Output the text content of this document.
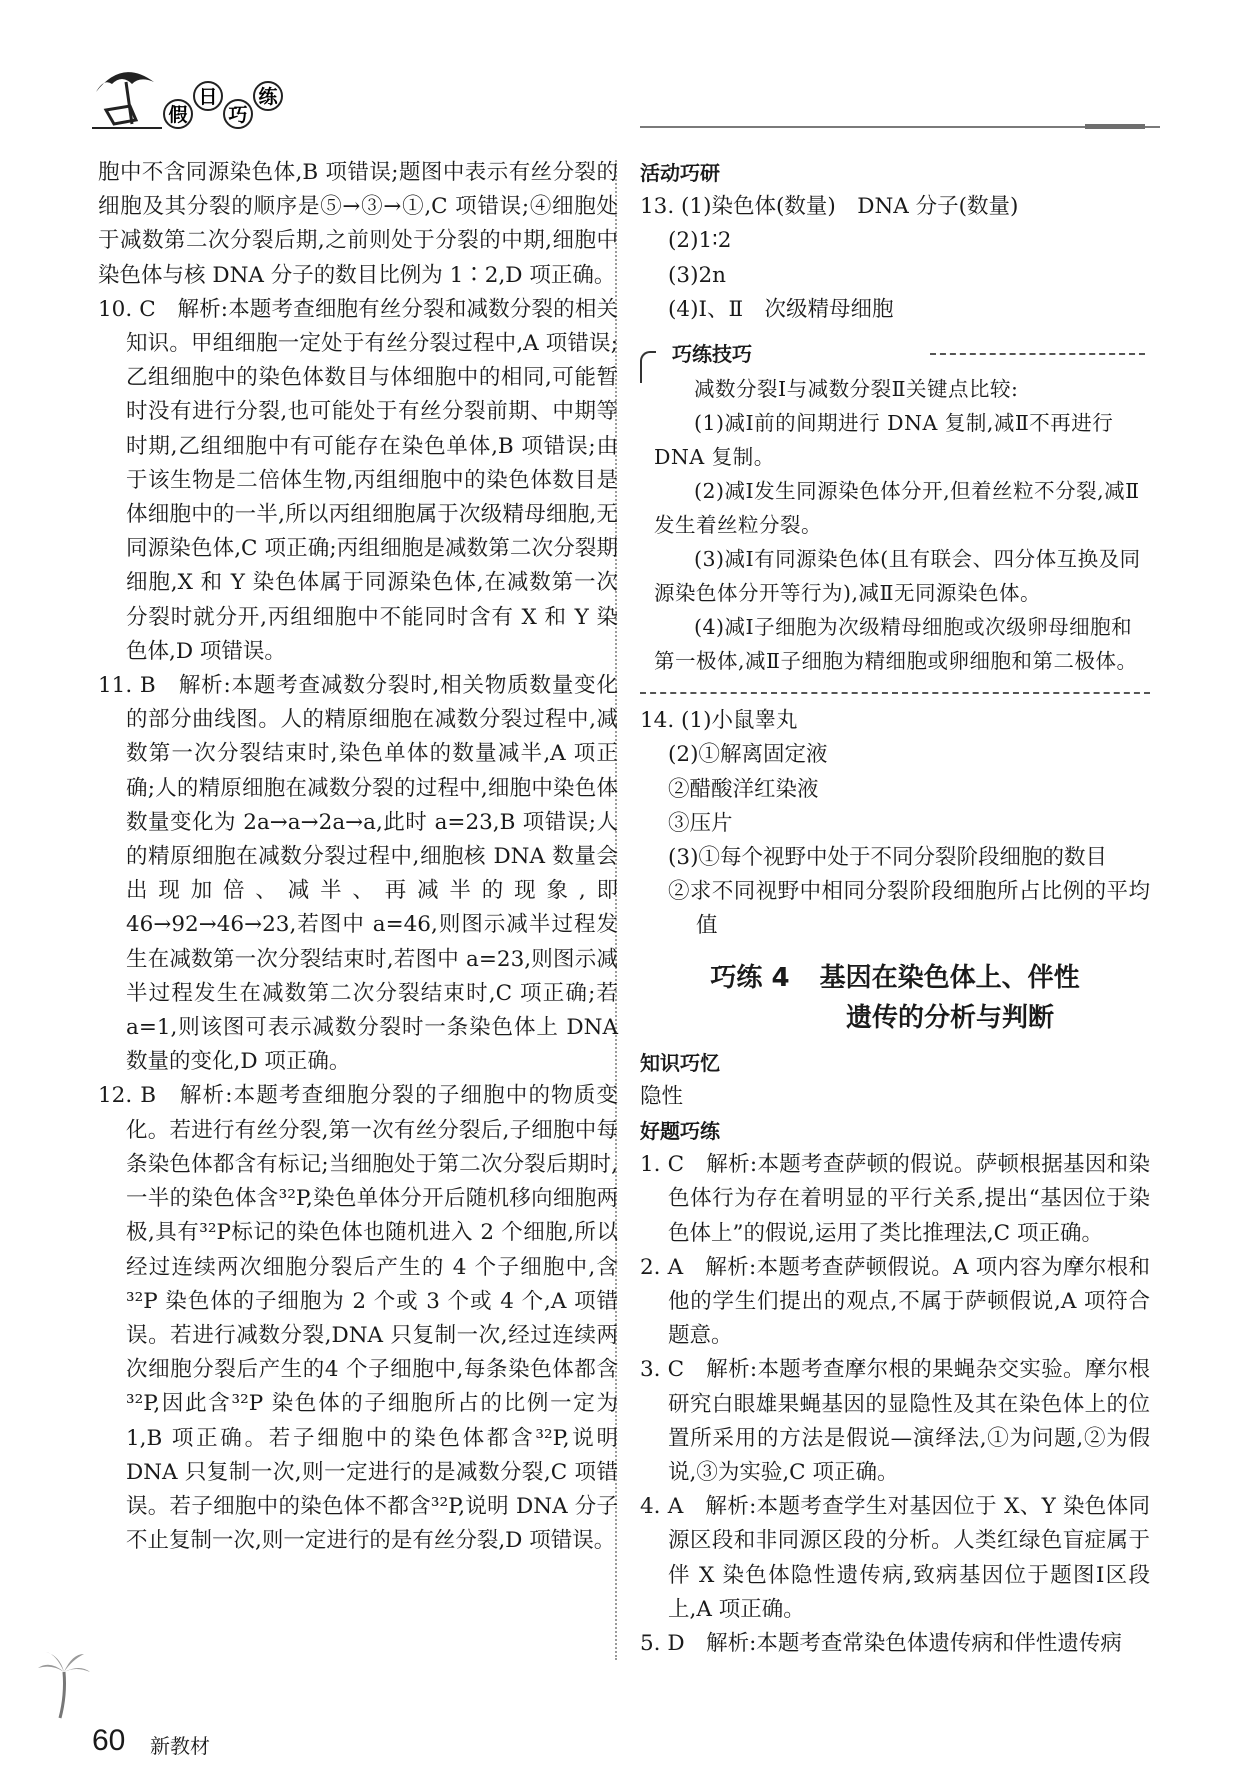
假
日
巧
练

胞中不含同源染色体,B 项错误;题图中表示有丝分裂的细胞及其分裂的顺序是⑤→③→①,C 项错误;④细胞处于减数第二次分裂后期,之前则处于分裂的中期,细胞中染色体与核 DNA 分子的数目比例为 1∶2,D 项正确。

10. C　解析:本题考查细胞有丝分裂和减数分裂的相关知识。甲组细胞一定处于有丝分裂过程中,A 项错误;乙组细胞中的染色体数目与体细胞中的相同,可能暂时没有进行分裂,也可能处于有丝分裂前期、中期等时期,乙组细胞中有可能存在染色单体,B 项错误;由于该生物是二倍体生物,丙组细胞中的染色体数目是体细胞中的一半,所以丙组细胞属于次级精母细胞,无同源染色体,C 项正确;丙组细胞是减数第二次分裂期细胞,X 和 Y 染色体属于同源染色体,在减数第一次分裂时就分开,丙组细胞中不能同时含有 X 和 Y 染色体,D 项错误。

11. B　解析:本题考查减数分裂时,相关物质数量变化的部分曲线图。人的精原细胞在减数分裂过程中,减数第一次分裂结束时,染色单体的数量减半,A 项正确;人的精原细胞在减数分裂的过程中,细胞中染色体数量变化为 2a→a→2a→a,此时 a=23,B 项错误;人的精原细胞在减数分裂过程中,细胞核 DNA 数量会出现加倍、减半、再减半的现象,即 46→92→46→23,若图中 a=46,则图示减半过程发生在减数第一次分裂结束时,若图中 a=23,则图示减半过程发生在减数第二次分裂结束时,C 项正确;若 a=1,则该图可表示减数分裂时一条染色体上 DNA 数量的变化,D 项正确。

12. B　解析:本题考查细胞分裂的子细胞中的物质变化。若进行有丝分裂,第一次有丝分裂后,子细胞中每条染色体都含有标记;当细胞处于第二次分裂后期时,一半的染色体含³²P,染色单体分开后随机移向细胞两极,具有³²P标记的染色体也随机进入 2 个细胞,所以经过连续两次细胞分裂后产生的 4 个子细胞中,含³²P 染色体的子细胞为 2 个或 3 个或 4 个,A 项错误。若进行减数分裂,DNA 只复制一次,经过连续两次细胞分裂后产生的4 个子细胞中,每条染色体都含³²P,因此含³²P 染色体的子细胞所占的比例一定为 1,B 项正确。若子细胞中的染色体都含³²P,说明 DNA 只复制一次,则一定进行的是减数分裂,C 项错误。若子细胞中的染色体不都含³²P,说明 DNA 分子不止复制一次,则一定进行的是有丝分裂,D 项错误。

活动巧研

13. (1)染色体(数量)　DNA 分子(数量)

(2)1∶2

(3)2n

(4)Ⅰ、Ⅱ　次级精母细胞

巧练技巧

减数分裂Ⅰ与减数分裂Ⅱ关键点比较:

(1)减Ⅰ前的间期进行 DNA 复制,减Ⅱ不再进行 DNA 复制。

(2)减Ⅰ发生同源染色体分开,但着丝粒不分裂,减Ⅱ发生着丝粒分裂。

(3)减Ⅰ有同源染色体(且有联会、四分体互换及同源染色体分开等行为),减Ⅱ无同源染色体。

(4)减Ⅰ子细胞为次级精母细胞或次级卵母细胞和第一极体,减Ⅱ子细胞为精细胞或卵细胞和第二极体。

14. (1)小鼠睾丸

(2)①解离固定液

②醋酸洋红染液

③压片

(3)①每个视野中处于不同分裂阶段细胞的数目

②求不同视野中相同分裂阶段细胞所占比例的平均值

巧练 4 基因在染色体上、伴性
遗传的分析与判断

知识巧忆

隐性

好题巧练

1. C　解析:本题考查萨顿的假说。萨顿根据基因和染色体行为存在着明显的平行关系,提出“基因位于染色体上”的假说,运用了类比推理法,C 项正确。

2. A　解析:本题考查萨顿假说。A 项内容为摩尔根和他的学生们提出的观点,不属于萨顿假说,A 项符合题意。

3. C　解析:本题考查摩尔根的果蝇杂交实验。摩尔根研究白眼雄果蝇基因的显隐性及其在染色体上的位置所采用的方法是假说—演绎法,①为问题,②为假说,③为实验,C 项正确。

4. A　解析:本题考查学生对基因位于 X、Y 染色体同源区段和非同源区段的分析。人类红绿色盲症属于伴 X 染色体隐性遗传病,致病基因位于题图Ⅰ区段上,A 项正确。

5. D　解析:本题考查常染色体遗传病和伴性遗传病

60 新教材
